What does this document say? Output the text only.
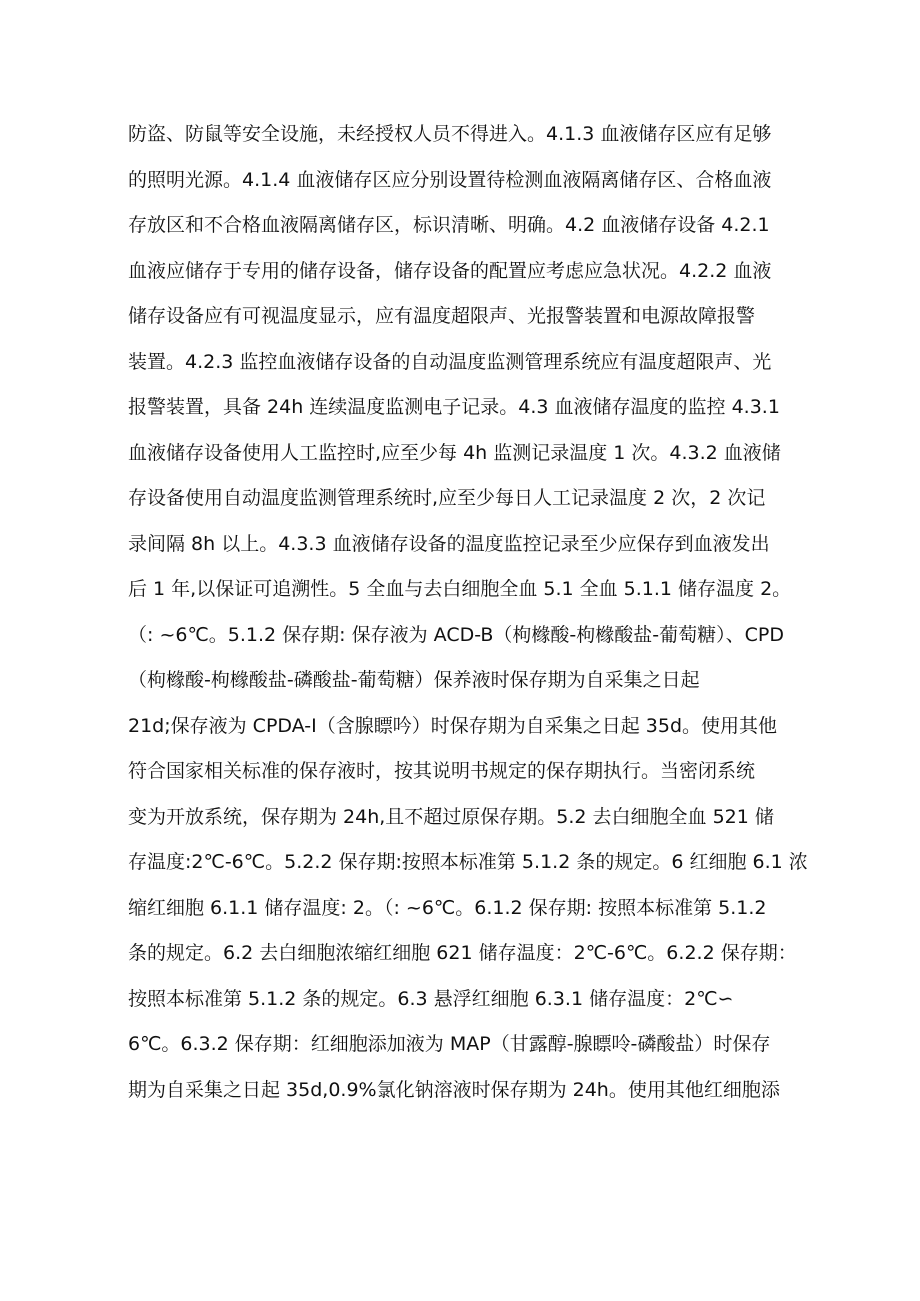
防盗、防鼠等安全设施，未经授权人员不得进入。4.1.3 血液储存区应有足够
的照明光源。4.1.4 血液储存区应分别设置待检测血液隔离储存区、合格血液
存放区和不合格血液隔离储存区，标识清晰、明确。4.2 血液储存设备 4.2.1
血液应储存于专用的储存设备，储存设备的配置应考虑应急状况。4.2.2 血液
储存设备应有可视温度显示，应有温度超限声、光报警装置和电源故障报警
装置。4.2.3 监控血液储存设备的自动温度监测管理系统应有温度超限声、光
报警装置，具备 24h 连续温度监测电子记录。4.3 血液储存温度的监控 4.3.1
血液储存设备使用人工监控时,应至少每 4h 监测记录温度 1 次。4.3.2 血液储
存设备使用自动温度监测管理系统时,应至少每日人工记录温度 2 次，2 次记
录间隔 8h 以上。4.3.3 血液储存设备的温度监控记录至少应保存到血液发出
后 1 年,以保证可追溯性。5 全血与去白细胞全血 5.1 全血 5.1.1 储存温度 2。
（: ~6℃。5.1.2 保存期: 保存液为 ACD-B（枸橼酸-枸橼酸盐-葡萄糖）、CPD
（枸橼酸-枸橼酸盐-磷酸盐-葡萄糖）保养液时保存期为自采集之日起
21d;保存液为 CPDA-I（含腺瞟吟）时保存期为自采集之日起 35d。使用其他
符合国家相关标准的保存液时，按其说明书规定的保存期执行。当密闭系统
变为开放系统，保存期为 24h,且不超过原保存期。5.2 去白细胞全血 521 储
存温度:2℃-6℃。5.2.2 保存期:按照本标准第 5.1.2 条的规定。6 红细胞 6.1 浓
缩红细胞 6.1.1 储存温度: 2。（: ~6℃。6.1.2 保存期: 按照本标准第 5.1.2
条的规定。6.2 去白细胞浓缩红细胞 621 储存温度：2℃-6℃。6.2.2 保存期：
按照本标准第 5.1.2 条的规定。6.3 悬浮红细胞 6.3.1 储存温度：2℃∽
6℃。6.3.2 保存期：红细胞添加液为 MAP（甘露醇-腺瞟呤-磷酸盐）时保存
期为自采集之日起 35d,0.9%氯化钠溶液时保存期为 24h。使用其他红细胞添
